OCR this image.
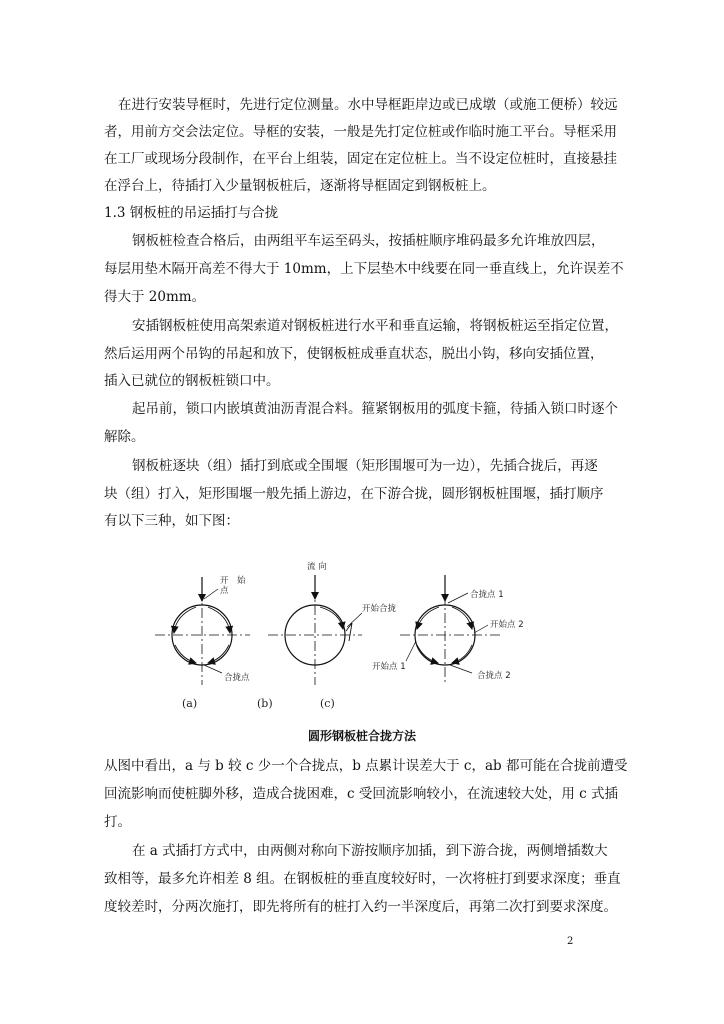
在进行安装导框时，先进行定位测量。水中导框距岸边或已成墩（或施工便桥）较远
者，用前方交会法定位。导框的安装，一般是先打定位桩或作临时施工平台。导框采用
在工厂或现场分段制作，在平台上组装，固定在定位桩上。当不设定位桩时，直接悬挂
在浮台上，待插打入少量钢板桩后，逐渐将导框固定到钢板桩上。
1.3 钢板桩的吊运插打与合拢
钢板桩检查合格后，由两组平车运至码头，按插桩顺序堆码最多允许堆放四层，
每层用垫木隔开高差不得大于 10mm，上下层垫木中线要在同一垂直线上，允许误差不
得大于 20mm。
安插钢板桩使用高架索道对钢板桩进行水平和垂直运输，将钢板桩运至指定位置，
然后运用两个吊钩的吊起和放下，使钢板桩成垂直状态，脱出小钩，移向安插位置，
插入已就位的钢板桩锁口中。
起吊前，锁口内嵌填黄油沥青混合料。箍紧钢板用的弧度卡箍，待插入锁口时逐个
解除。
钢板桩逐块（组）插打到底或全围堰（矩形围堰可为一边），先插合拢后，再逐
块（组）打入，矩形围堰一般先插上游边，在下游合拢，圆形钢板桩围堰，插打顺序
有以下三种，如下图：
开　始
点
合拢点
(a)
流 向
开始合拢
(b)
合拢点 1
开始点 2
开始点 1
合拢点 2
(c)
圆形钢板桩合拢方法
从图中看出，a 与 b 较 c 少一个合拢点，b 点累计误差大于 c，ab 都可能在合拢前遭受
回流影响而使桩脚外移，造成合拢困难，c 受回流影响较小，在流速较大处，用 c 式插
打。
在 a 式插打方式中，由两侧对称向下游按顺序加插，到下游合拢，两侧增插数大
致相等，最多允许相差 8 组。在钢板桩的垂直度较好时，一次将桩打到要求深度；垂直
度较差时，分两次施打，即先将所有的桩打入约一半深度后，再第二次打到要求深度。
2
